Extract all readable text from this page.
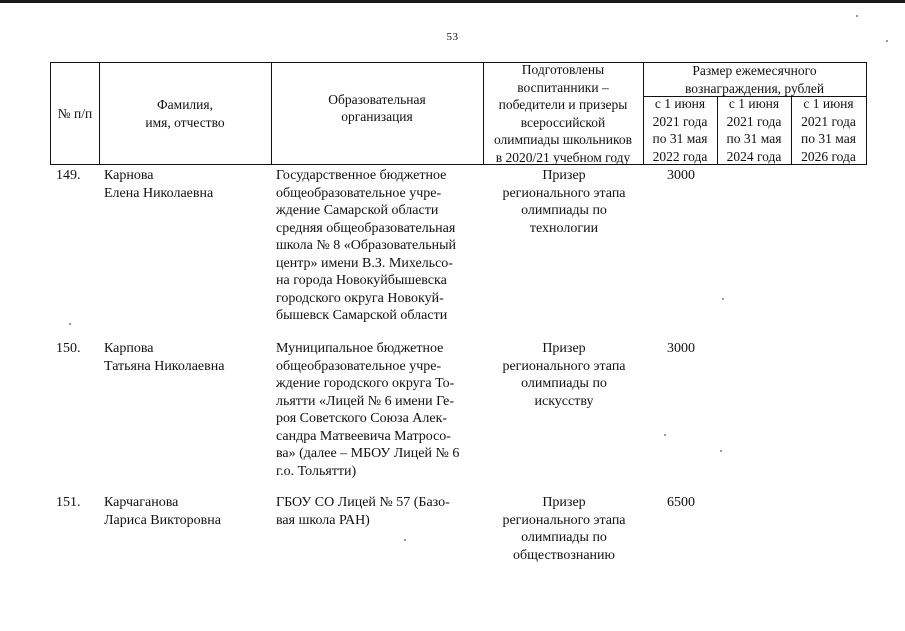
53
№ п/п
Фамилия,
имя, отчество
Образовательная
организация
Подготовлены
воспитанники –
победители и призеры
всероссийской
олимпиады школьников
в 2020/21 учебном году
Размер ежемесячного
вознаграждения, рублей
с 1 июня
2021 года
по 31 мая
2022 года
с 1 июня
2021 года
по 31 мая
2024 года
с 1 июня
2021 года
по 31 мая
2026 года
149. Карнова
Елена Николаевна
Государственное бюджетное
общеобразовательное учре-
ждение Самарской области
средняя общеобразовательная
школа № 8 «Образовательный
центр» имени В.З. Михельсо-
на города Новокуйбышевска
городского округа Новокуй-
бышевск Самарской области
Призер
регионального этапа
олимпиады по
технологии
3000
150. Карпова
Татьяна Николаевна
Муниципальное бюджетное
общеобразовательное учре-
ждение городского округа То-
льятти «Лицей № 6 имени Ге-
роя Советского Союза Алек-
сандра Матвеевича Матросо-
ва» (далее – МБОУ Лицей № 6
г.о. Тольятти)
Призер
регионального этапа
олимпиады по
искусству
3000
151. Карчаганова
Лариса Викторовна
ГБОУ СО Лицей № 57 (Базо-
вая школа РАН)
Призер
регионального этапа
олимпиады по
обществознанию
6500
